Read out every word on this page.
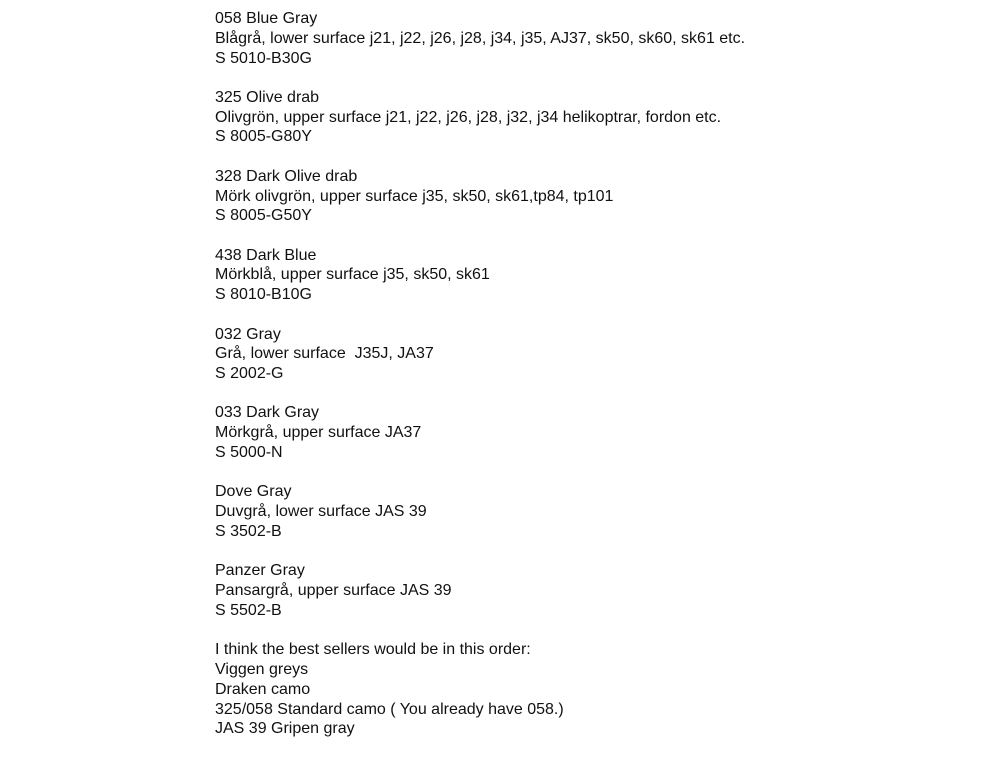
058 Blue Gray
Blågrå, lower surface j21, j22, j26, j28, j34, j35, AJ37, sk50, sk60, sk61 etc.
S 5010-B30G
325 Olive drab
Olivgrön, upper surface j21, j22, j26, j28, j32, j34 helikoptrar, fordon etc.
S 8005-G80Y
328 Dark Olive drab
Mörk olivgrön, upper surface j35, sk50, sk61,tp84, tp101
S 8005-G50Y
438 Dark Blue
Mörkblå, upper surface j35, sk50, sk61
S 8010-B10G
032 Gray
Grå, lower surface  J35J, JA37
S 2002-G
033 Dark Gray
Mörkgrå, upper surface JA37
S 5000-N
Dove Gray
Duvgrå, lower surface JAS 39
S 3502-B
Panzer Gray
Pansargrå, upper surface JAS 39
S 5502-B
I think the best sellers would be in this order:
Viggen greys
Draken camo
325/058 Standard camo ( You already have 058.)
JAS 39 Gripen gray
